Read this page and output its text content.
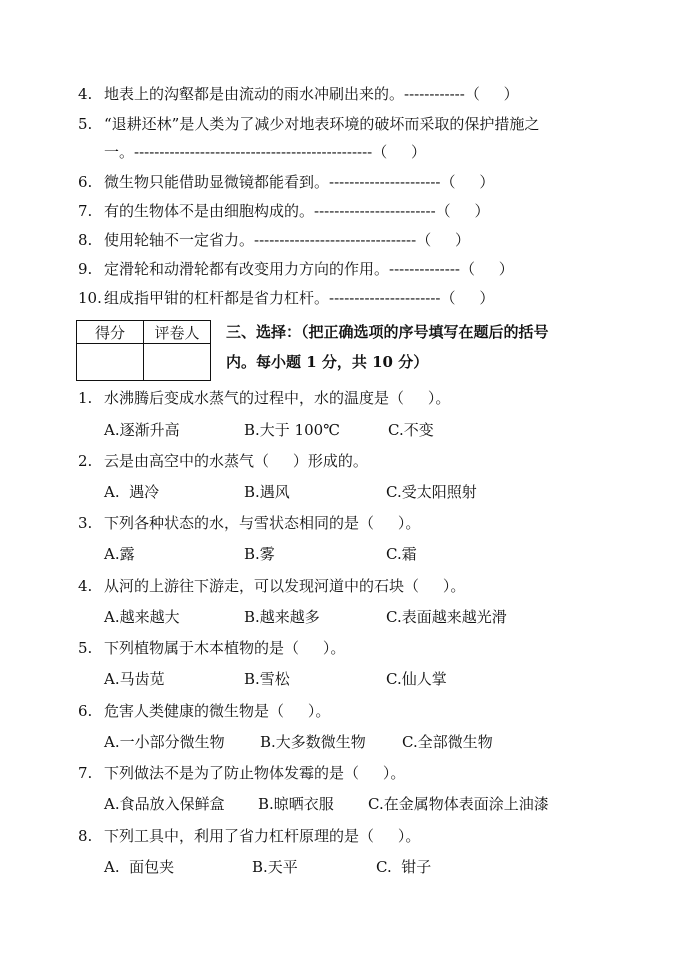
4. 地表上的沟壑都是由流动的雨水冲刷出来的。------------（     ）
5. “退耕还林”是人类为了减少对地表环境的破坏而采取的保护措施之
一。-----------------------------------------------（     ）
6. 微生物只能借助显微镜都能看到。----------------------（     ）
7. 有的生物体不是由细胞构成的。------------------------（     ）
8. 使用轮轴不一定省力。--------------------------------（     ）
9. 定滑轮和动滑轮都有改变用力方向的作用。--------------（     ）
10. 组成指甲钳的杠杆都是省力杠杆。----------------------（     ）
得分	评卷人
	三、选择：（把正确选项的序号填写在题后的括号
内。每小题 1 分，共 10 分）
1. 水沸腾后变成水蒸气的过程中，水的温度是（     ）。
A.逐渐升高	B.大于 100℃	C.不变
2. 云是由高空中的水蒸气（     ）形成的。
A.  遇冷	B.遇风	C.受太阳照射
3. 下列各种状态的水，与雪状态相同的是（     ）。
A.露	B.雾	C.霜
4. 从河的上游往下游走，可以发现河道中的石块（     ）。
A.越来越大	B.越来越多	C.表面越来越光滑
5. 下列植物属于木本植物的是（     ）。
A.马齿苋	B.雪松	C.仙人掌
6. 危害人类健康的微生物是（     ）。
A.一小部分微生物 B.大多数微生物 C.全部微生物
7. 下列做法不是为了防止物体发霉的是（     ）。
A.食品放入保鲜盒 B.晾晒衣服 C.在金属物体表面涂上油漆
8. 下列工具中，利用了省力杠杆原理的是（     ）。
A.  面包夹	B.天平	C.  钳子
